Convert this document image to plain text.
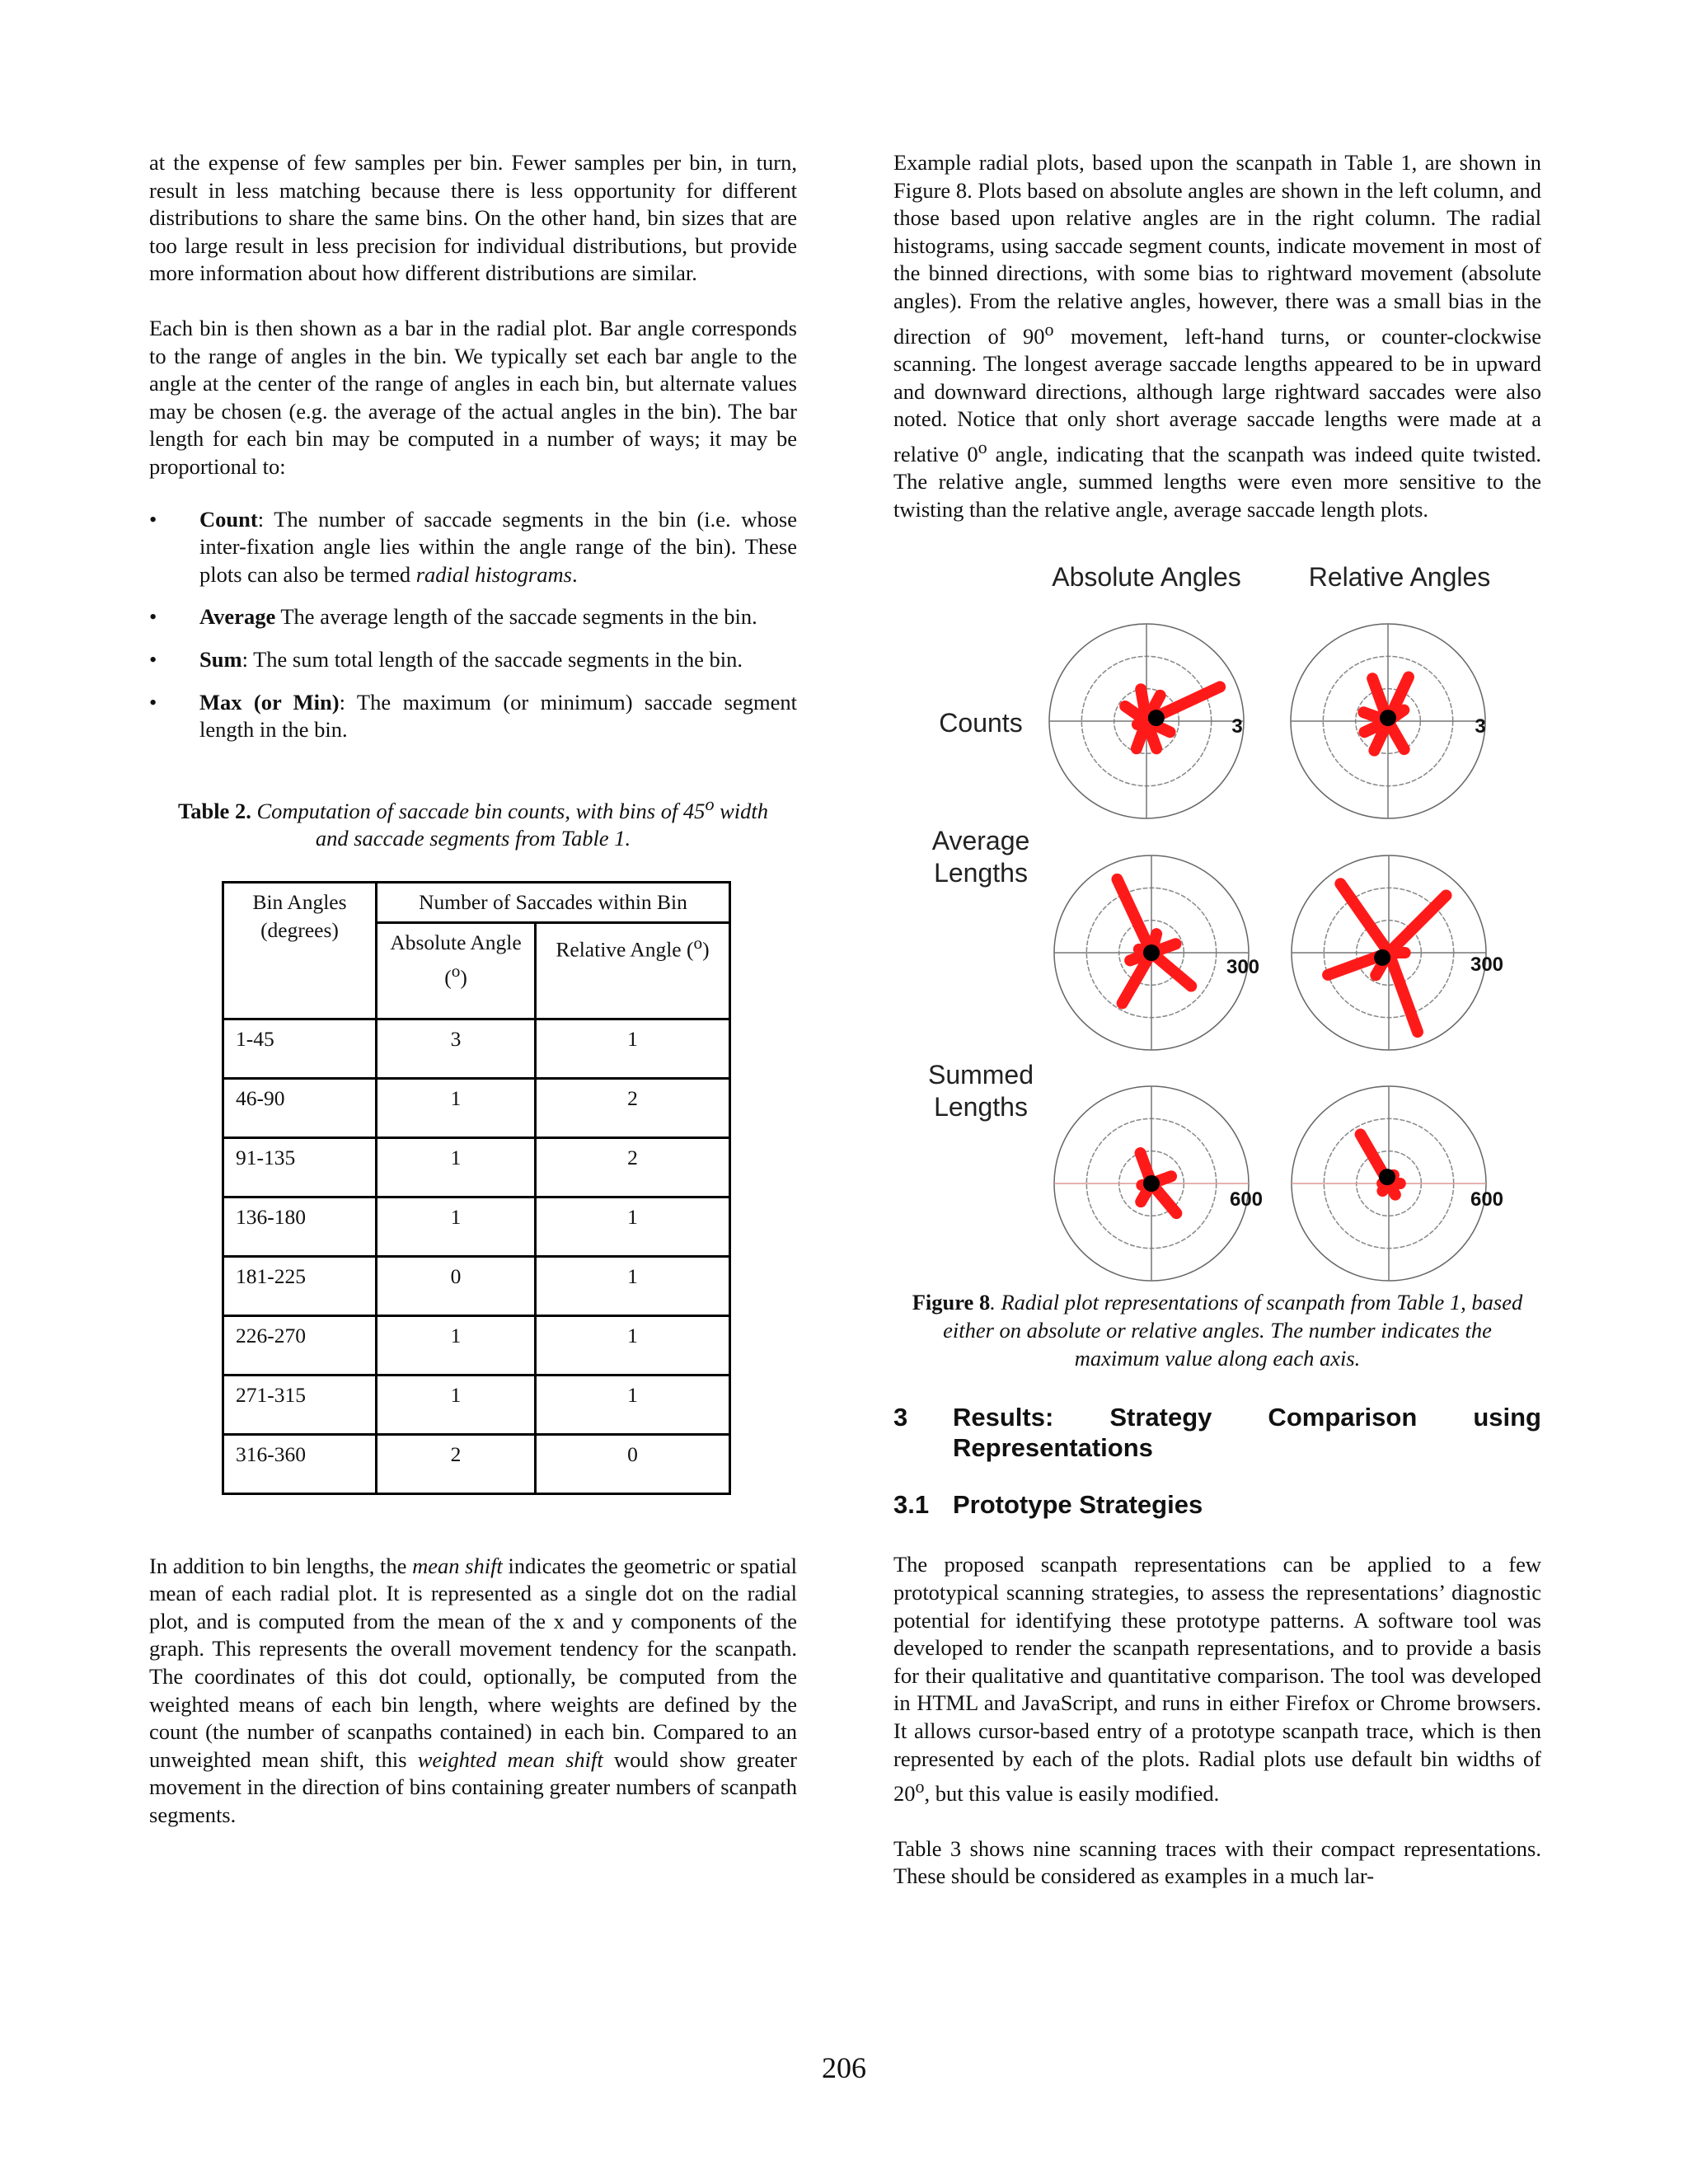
at the expense of few samples per bin. Fewer samples per bin, in turn, result in less matching because there is less opportunity for different distributions to share the same bins. On the other hand, bin sizes that are too large result in less precision for individual distributions, but provide more information about how different distributions are similar.

Each bin is then shown as a bar in the radial plot. Bar angle corresponds to the range of angles in the bin. We typically set each bar angle to the angle at the center of the range of angles in each bin, but alternate values may be chosen (e.g. the average of the actual angles in the bin). The bar length for each bin may be computed in a number of ways; it may be proportional to:

• Count: The number of saccade segments in the bin (i.e. whose inter-fixation angle lies within the angle range of the bin). These plots can also be termed radial histograms.
• Average The average length of the saccade segments in the bin.
• Sum: The sum total length of the saccade segments in the bin.
• Max (or Min): The maximum (or minimum) saccade segment length in the bin.
Table 2. Computation of saccade bin counts, with bins of 45$^o$ width and saccade segments from Table 1.
Bin Angles (degrees)	Number of Saccades within Bin	
	Absolute Angle ($^o$)	Relative Angle ($^o$)
1-45	3	1
46-90	1	2
91-135	1	2
136-180	1	1
181-225	0	1
226-270	1	1
271-315	1	1
316-360	2	0

In addition to bin lengths, the mean shift indicates the geometric or spatial mean of each radial plot. It is represented as a single dot on the radial plot, and is computed from the mean of the x and y components of the graph. This represents the overall movement tendency for the scanpath. The coordinates of this dot could, optionally, be computed from the weighted means of each bin length, where weights are defined by the count (the number of scanpaths contained) in each bin. Compared to an unweighted mean shift, this weighted mean shift would show greater movement in the direction of bins containing greater numbers of scanpath segments.

Example radial plots, based upon the scanpath in Table 1, are shown in Figure 8. Plots based on absolute angles are shown in the left column, and those based upon relative angles are in the right column. The radial histograms, using saccade segment counts, indicate movement in most of the binned directions, with some bias to rightward movement (absolute angles). From the relative angles, however, there was a small bias in the direction of 90$^o$ movement, left-hand turns, or counter-clockwise scanning. The longest average saccade lengths appeared to be in upward and downward directions, although large rightward saccades were also noted. Notice that only short average saccade lengths were made at a relative 0$^o$ angle, indicating that the scanpath was indeed quite twisted. The relative angle, summed lengths were even more sensitive to the twisting than the relative angle, average saccade length plots.

Absolute Angles	Relative Angles
Counts
Average
Lengths
Summed
Lengths
3	3
300	300
600	600
Figure 8. Radial plot representations of scanpath from Table 1, based either on absolute or relative angles. The number indicates the maximum value along each axis.
3	Results: Strategy Comparison using Representations
3.1 Prototype Strategies

The proposed scanpath representations can be applied to a few prototypical scanning strategies, to assess the representations’ diagnostic potential for identifying these prototype patterns. A software tool was developed to render the scanpath representations, and to provide a basis for their qualitative and quantitative comparison. The tool was developed in HTML and JavaScript, and runs in either Firefox or Chrome browsers. It allows cursor-based entry of a prototype scanpath trace, which is then represented by each of the plots. Radial plots use default bin widths of 20$^o$, but this value is easily modified.

Table 3 shows nine scanning traces with their compact representations. These should be considered as examples in a much lar-

206
